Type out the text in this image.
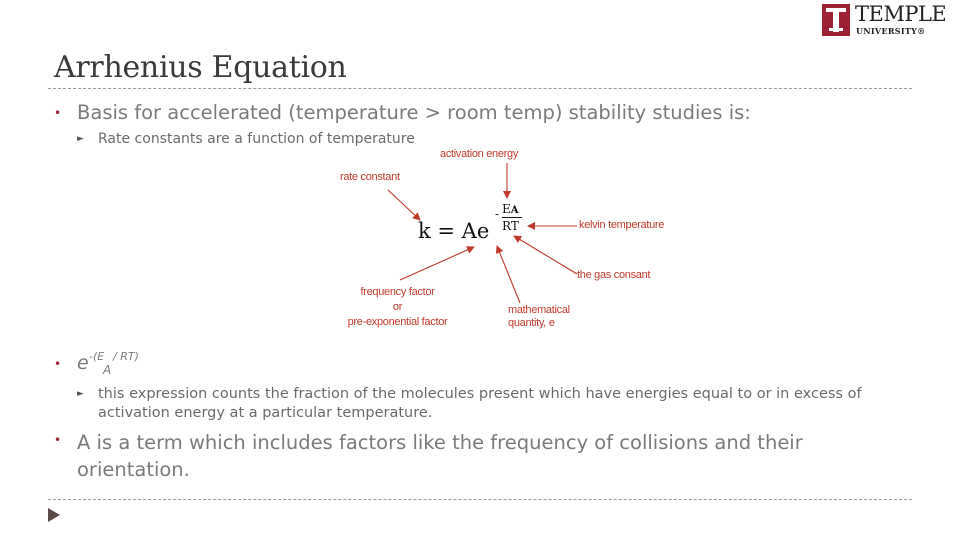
TEMPLE
UNIVERSITY®
Arrhenius Equation
• Basis for accelerated (temperature > room temp) stability studies is:
► Rate constants are a function of temperature
k = Ae
- EA
RT
activation energy
rate constant
kelvin temperature
the gas consant
frequency factor
or
pre-exponential factor
mathematical
quantity, e
• e -(E
A
/ RT)
► this expression counts the fraction of the molecules present which have energies equal to or in excess of activation energy at a particular temperature.
• A is a term which includes factors like the frequency of collisions and their orientation.
